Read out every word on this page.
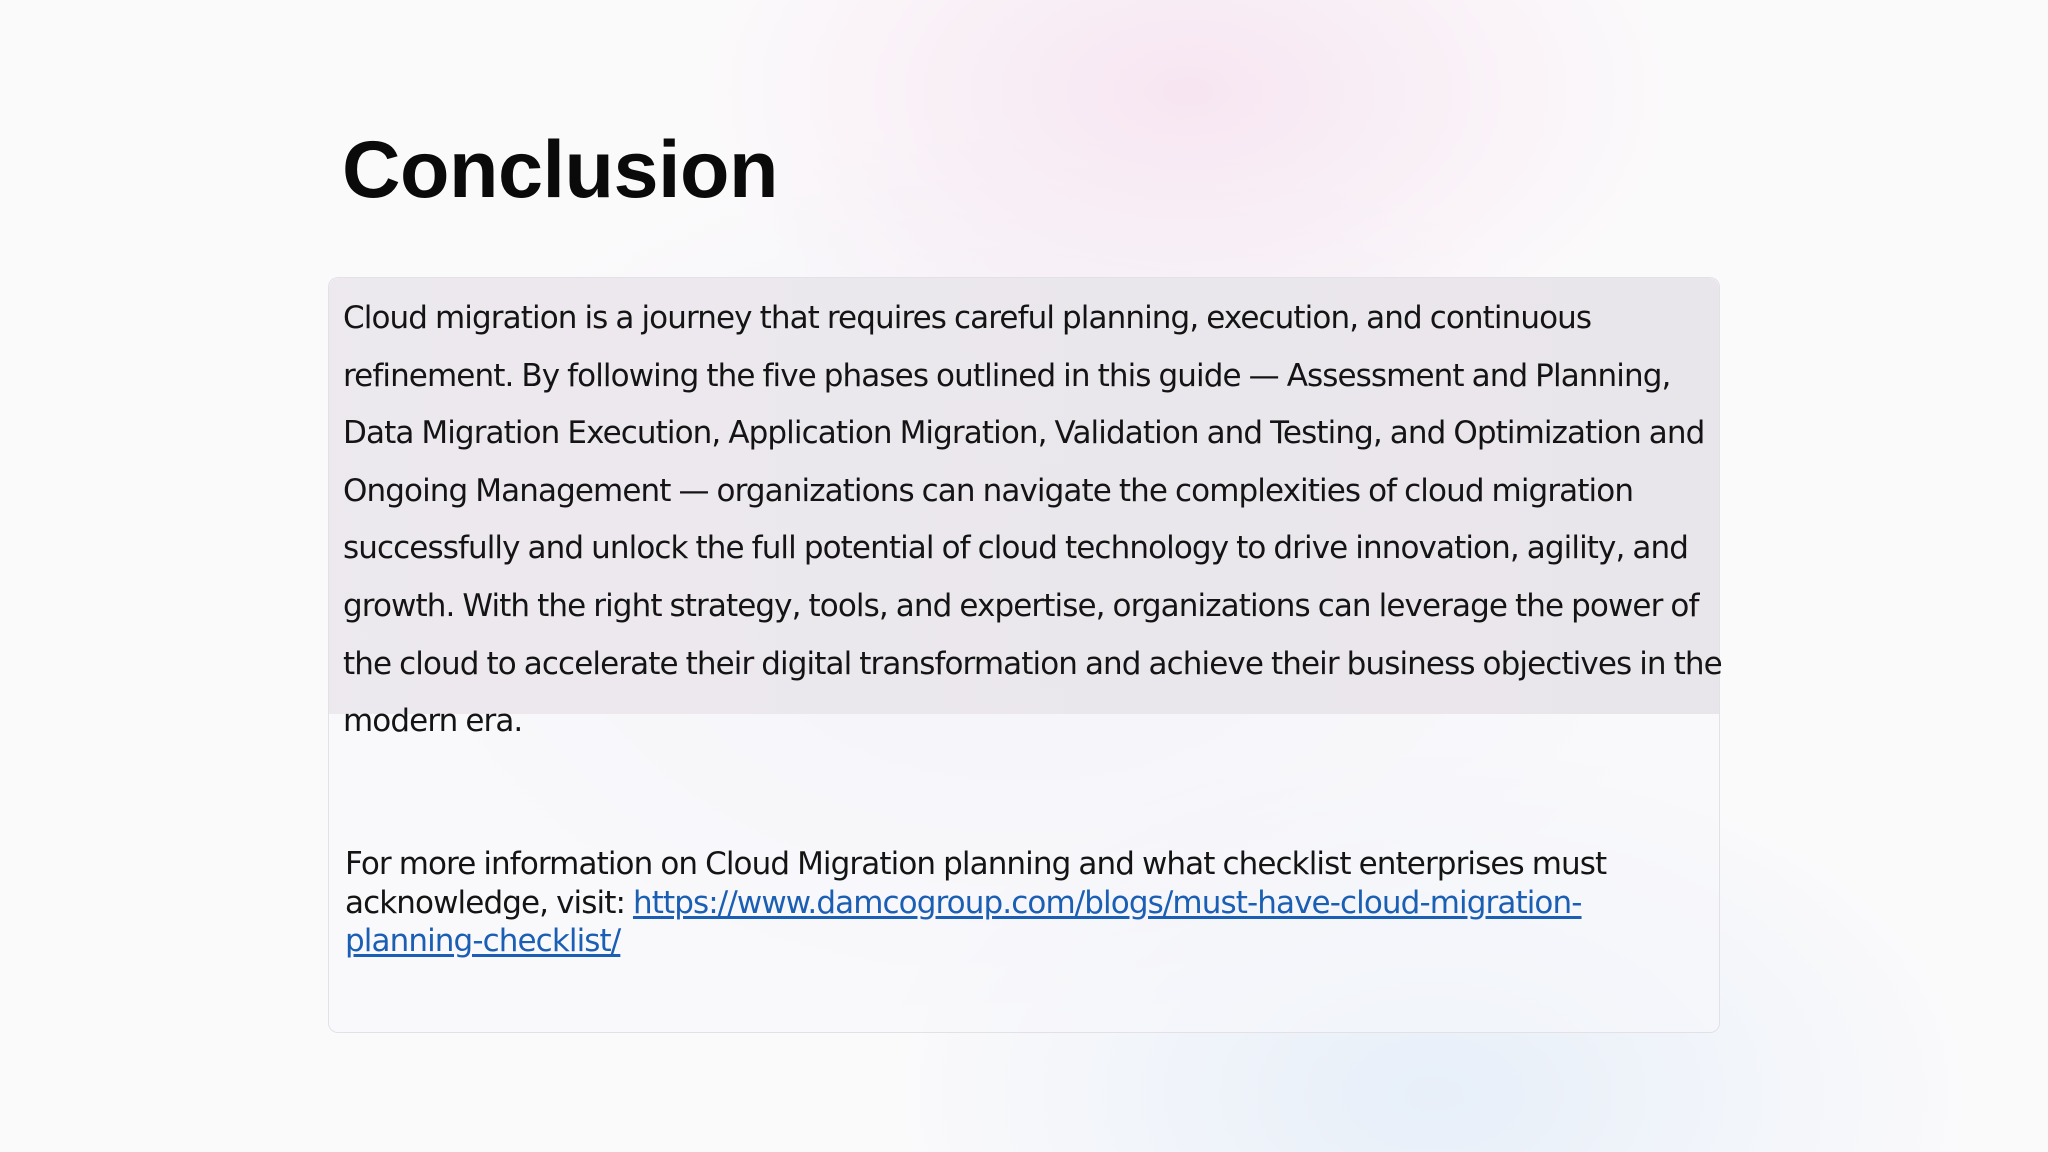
Conclusion

Cloud migration is a journey that requires careful planning, execution, and continuous refinement. By following the five phases outlined in this guide — Assessment and Planning, Data Migration Execution, Application Migration, Validation and Testing, and Optimization and Ongoing Management — organizations can navigate the complexities of cloud migration successfully and unlock the full potential of cloud technology to drive innovation, agility, and growth. With the right strategy, tools, and expertise, organizations can leverage the power of the cloud to accelerate their digital transformation and achieve their business objectives in the modern era.

For more information on Cloud Migration planning and what checklist enterprises must acknowledge, visit: https://www.damcogroup.com/blogs/must-have-cloud-migration-planning-checklist/
